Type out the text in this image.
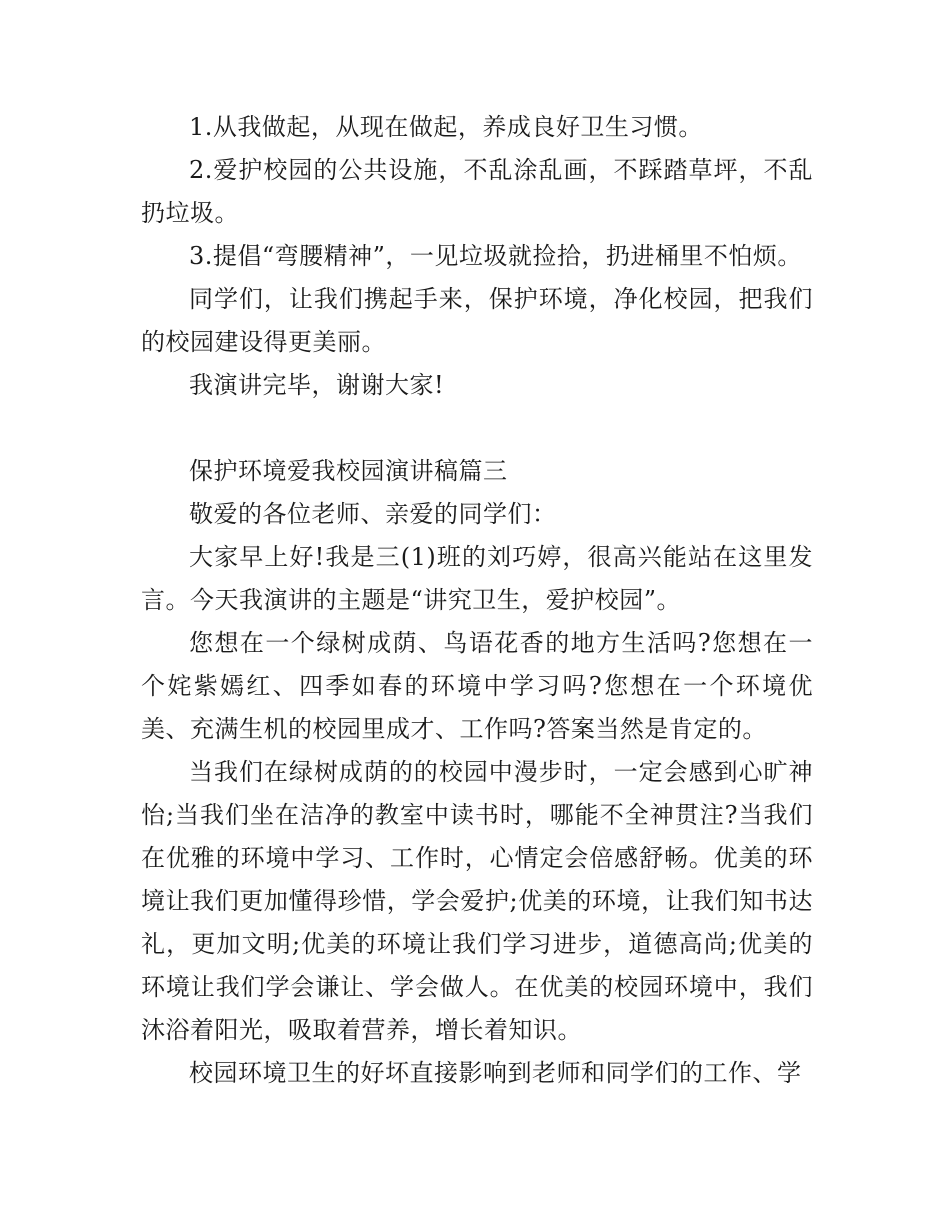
1.从我做起，从现在做起，养成良好卫生习惯。

2.爱护校园的公共设施，不乱涂乱画，不踩踏草坪，不乱扔垃圾。

3.提倡“弯腰精神”，一见垃圾就捡拾，扔进桶里不怕烦。

同学们，让我们携起手来，保护环境，净化校园，把我们的校园建设得更美丽。

我演讲完毕，谢谢大家!

保护环境爱我校园演讲稿篇三

敬爱的各位老师、亲爱的同学们：

大家早上好!我是三(1)班的刘巧婷，很高兴能站在这里发言。今天我演讲的主题是“讲究卫生，爱护校园”。

您想在一个绿树成荫、鸟语花香的地方生活吗?您想在一个姹紫嫣红、四季如春的环境中学习吗?您想在一个环境优美、充满生机的校园里成才、工作吗?答案当然是肯定的。

当我们在绿树成荫的的校园中漫步时，一定会感到心旷神怡;当我们坐在洁净的教室中读书时，哪能不全神贯注?当我们在优雅的环境中学习、工作时，心情定会倍感舒畅。优美的环境让我们更加懂得珍惜，学会爱护;优美的环境，让我们知书达礼，更加文明;优美的环境让我们学习进步，道德高尚;优美的环境让我们学会谦让、学会做人。在优美的校园环境中，我们沐浴着阳光，吸取着营养，增长着知识。

校园环境卫生的好坏直接影响到老师和同学们的工作、学
